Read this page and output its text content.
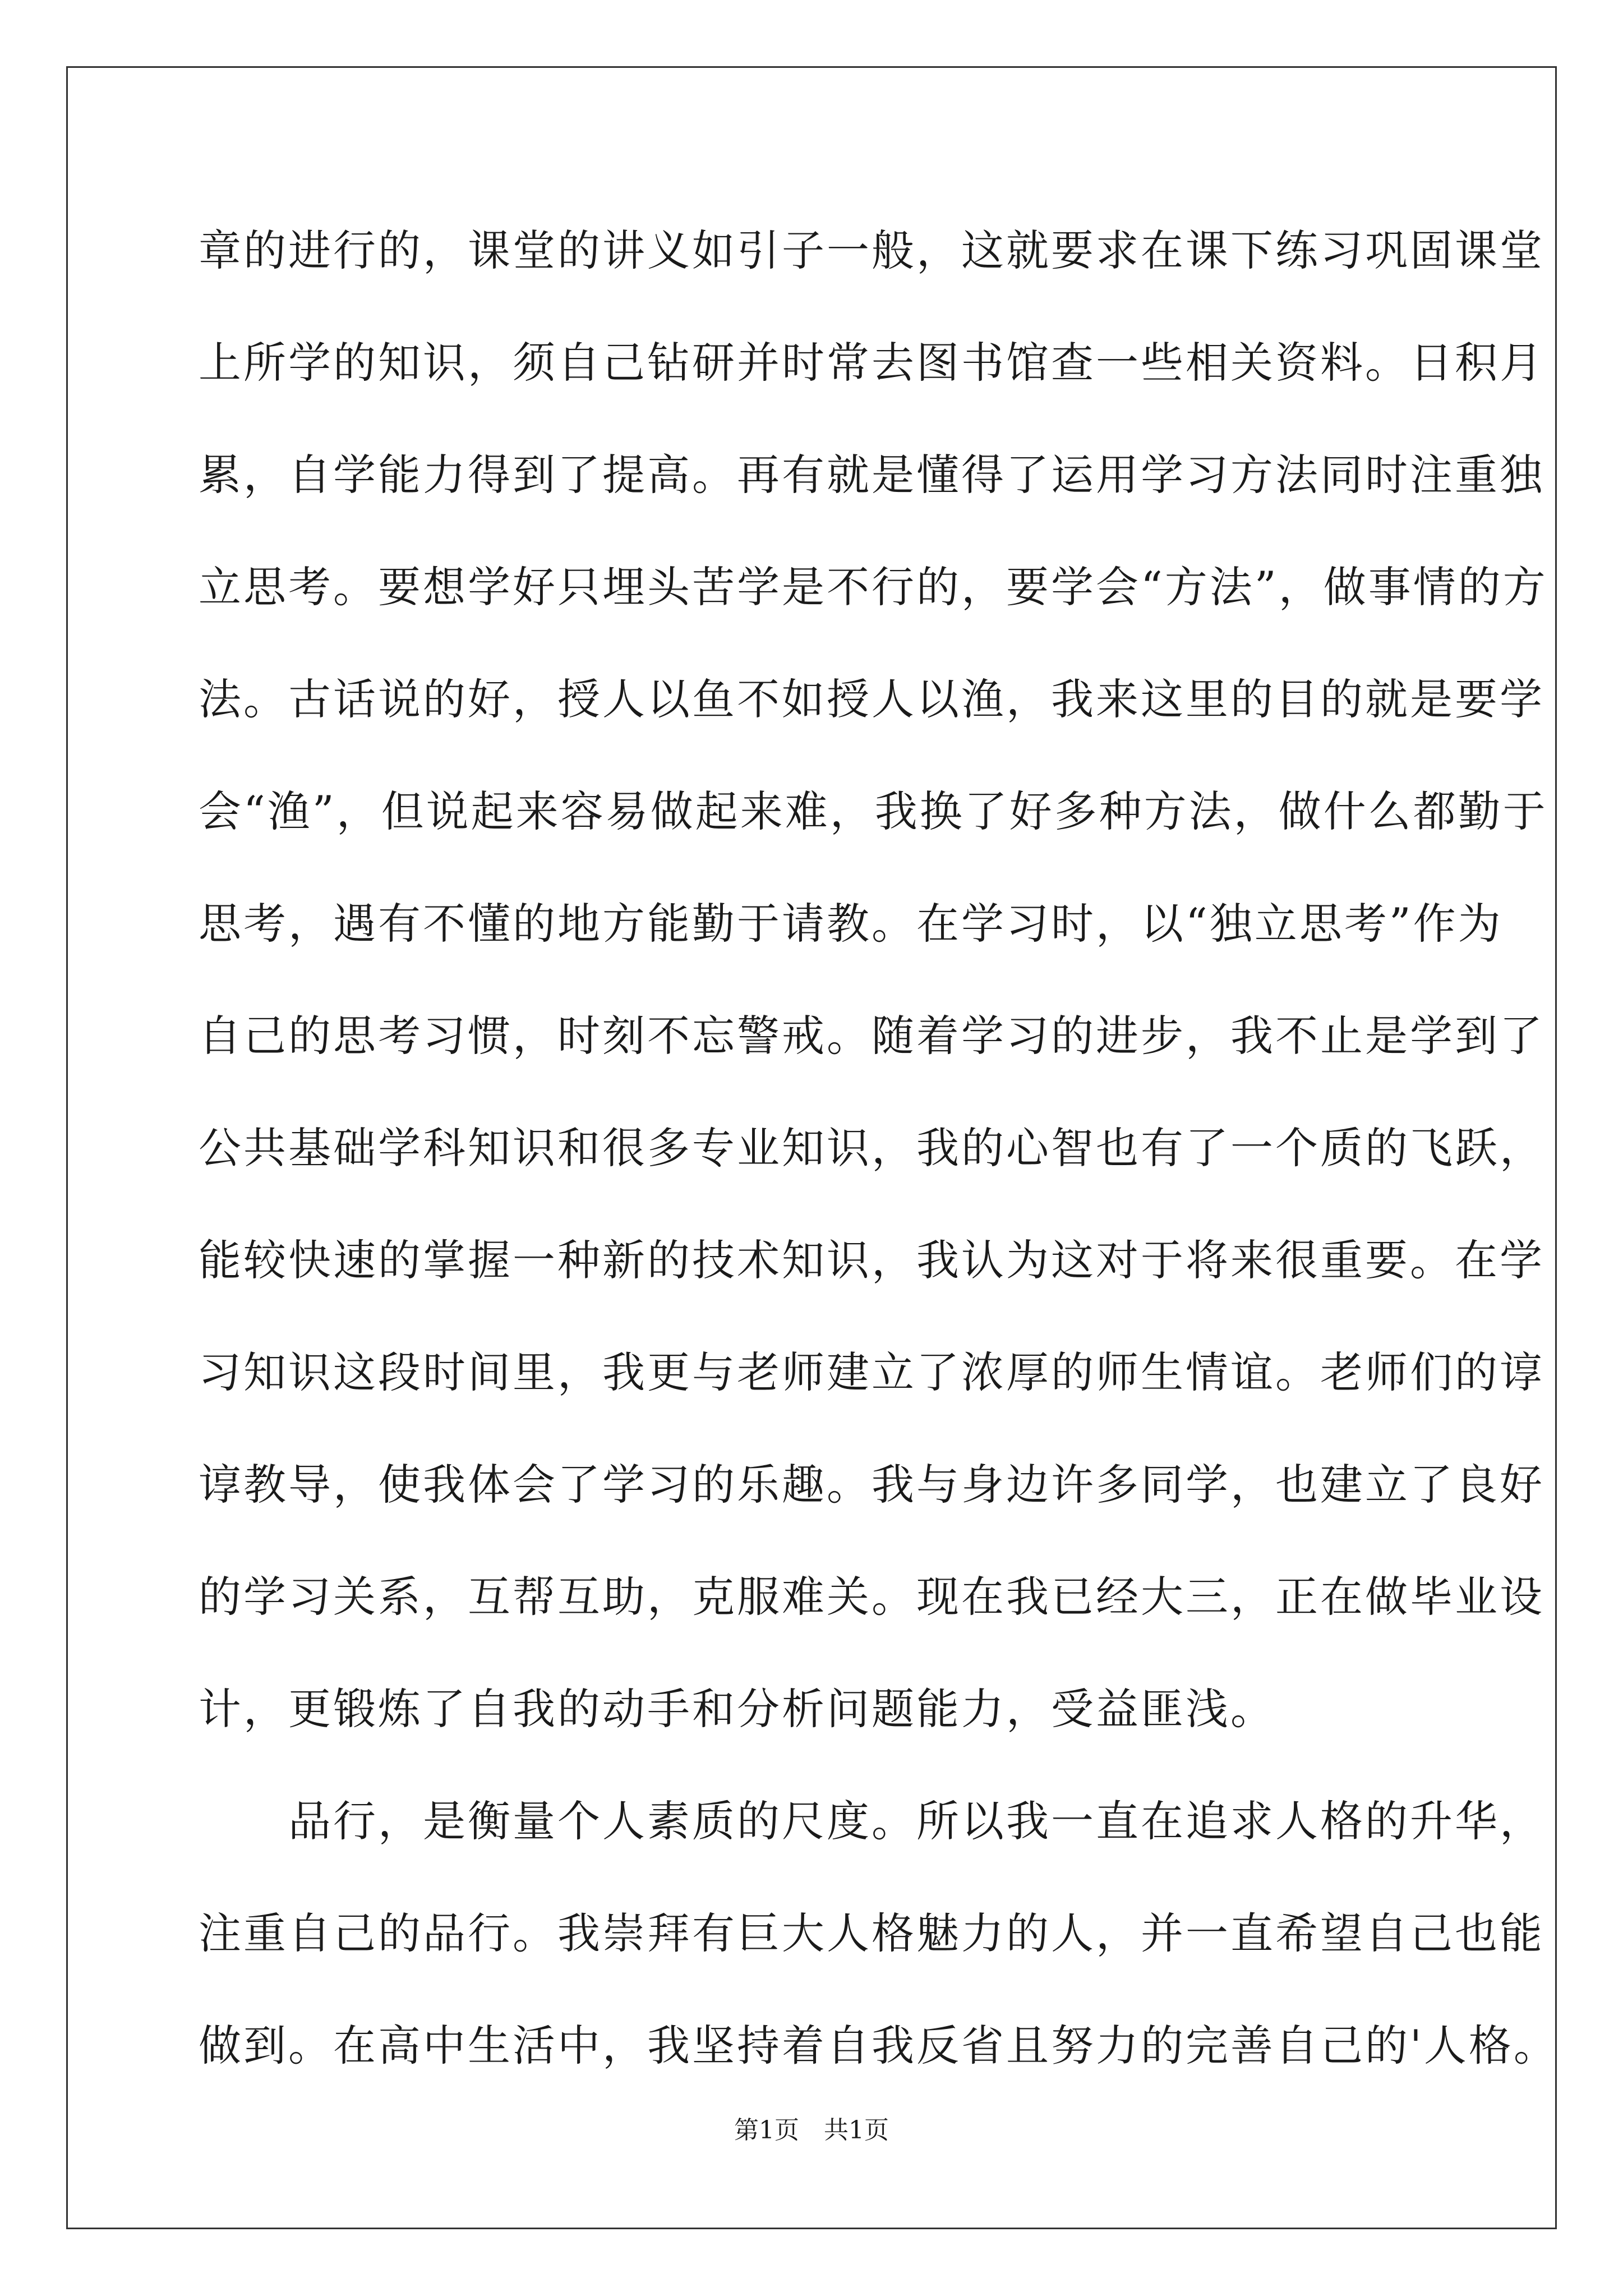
章的进行的，课堂的讲义如引子一般，这就要求在课下练习巩固课堂
上所学的知识，须自己钻研并时常去图书馆查一些相关资料。日积月
累，自学能力得到了提高。再有就是懂得了运用学习方法同时注重独
立思考。要想学好只埋头苦学是不行的，要学会“方法”，做事情的方
法。古话说的好，授人以鱼不如授人以渔，我来这里的目的就是要学
会“渔”，但说起来容易做起来难，我换了好多种方法，做什么都勤于
思考，遇有不懂的地方能勤于请教。在学习时，以“独立思考”作为
自己的思考习惯，时刻不忘警戒。随着学习的进步，我不止是学到了
公共基础学科知识和很多专业知识，我的心智也有了一个质的飞跃，
能较快速的掌握一种新的技术知识，我认为这对于将来很重要。在学
习知识这段时间里，我更与老师建立了浓厚的师生情谊。老师们的谆
谆教导，使我体会了学习的乐趣。我与身边许多同学，也建立了良好
的学习关系，互帮互助，克服难关。现在我已经大三，正在做毕业设
计，更锻炼了自我的动手和分析问题能力，受益匪浅。
　　品行，是衡量个人素质的尺度。所以我一直在追求人格的升华，
注重自己的品行。我崇拜有巨大人格魅力的人，并一直希望自己也能
做到。在高中生活中，我坚持着自我反省且努力的完善自己的'人格。
第1页　共1页
